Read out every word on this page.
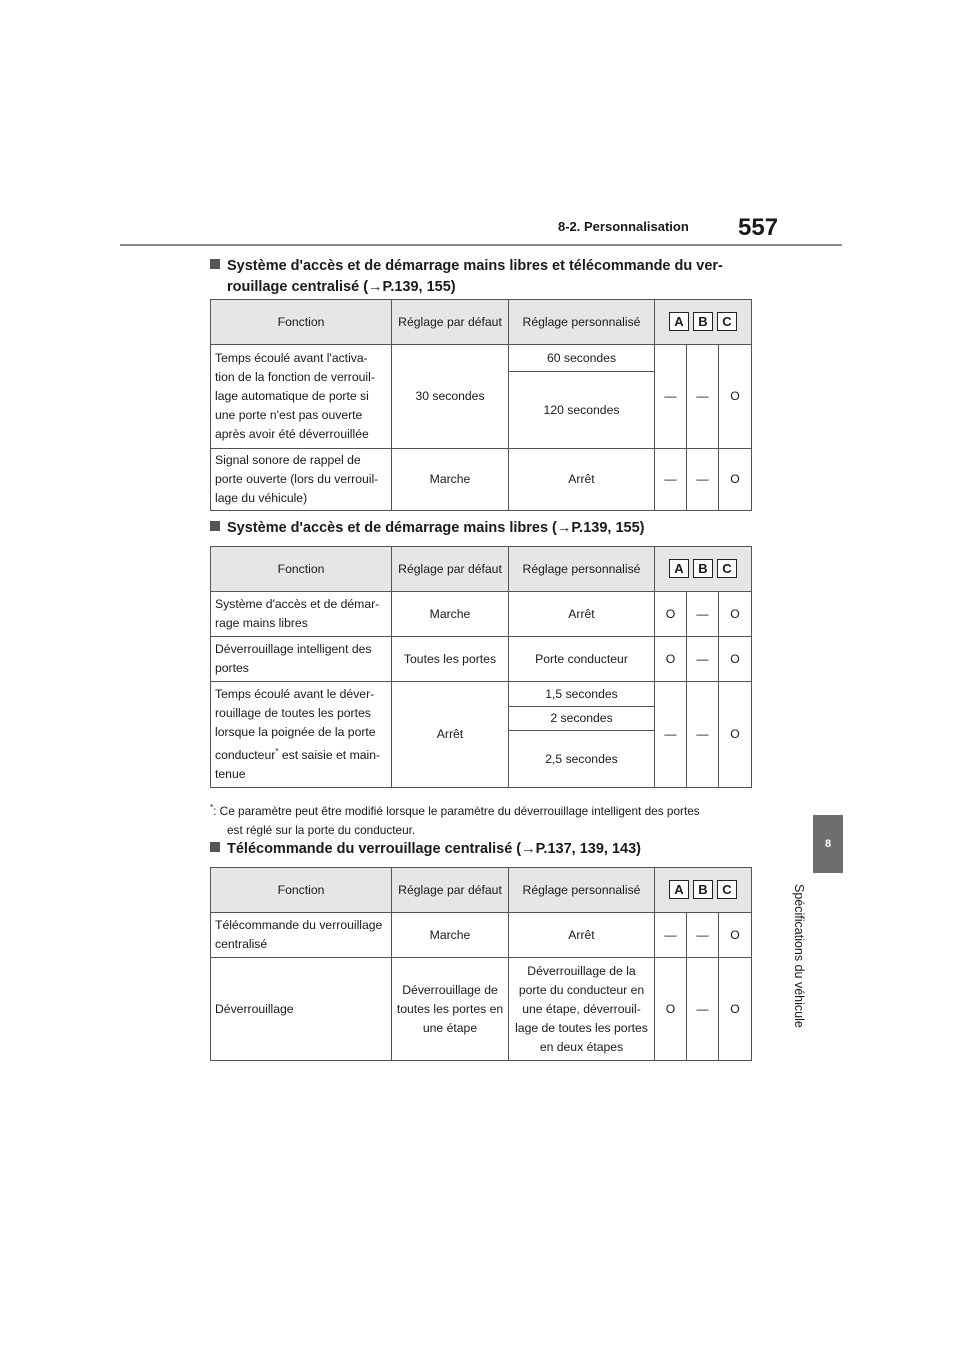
8-2. Personnalisation 557
8
Spécifications du véhicule
Système d'accès et de démarrage mains libres et télécommande du ver-
rouillage centralisé (→P.139, 155)
Fonction	Réglage par défaut	Réglage personnalisé	A B C		
Temps écoulé avant l'activa-tion de la fonction de verrouil-lage automatique de porte si une porte n'est pas ouverte après avoir été déverrouillée	30 secondes	60 secondes	—	—	O
		120 secondes			
Signal sonore de rappel de porte ouverte (lors du verrouil-lage du véhicule)	Marche	Arrêt	—	—	O
Système d'accès et de démarrage mains libres (→P.139, 155)
Fonction	Réglage par défaut	Réglage personnalisé	A B C		
Système d'accès et de démar-rage mains libres	Marche	Arrêt	O	—	O
Déverrouillage intelligent des portes	Toutes les portes	Porte conducteur	O	—	O
Temps écoulé avant le déver-rouillage de toutes les portes lorsque la poignée de la porte conducteur* est saisie et main-tenue	Arrêt	1,5 secondes	—	—	O
		2 secondes			
		2,5 secondes			
*: Ce paramètre peut être modifié lorsque le paramètre du déverrouillage intelligent des portes
est réglé sur la porte du conducteur.
Télécommande du verrouillage centralisé (→P.137, 139, 143)
Fonction	Réglage par défaut	Réglage personnalisé	A B C		
Télécommande du verrouillage centralisé	Marche	Arrêt	—	—	O
Déverrouillage	Déverrouillage de toutes les portes en une étape	Déverrouillage de la porte du conducteur en une étape, déverrouil-lage de toutes les portes en deux étapes	O	—	O
